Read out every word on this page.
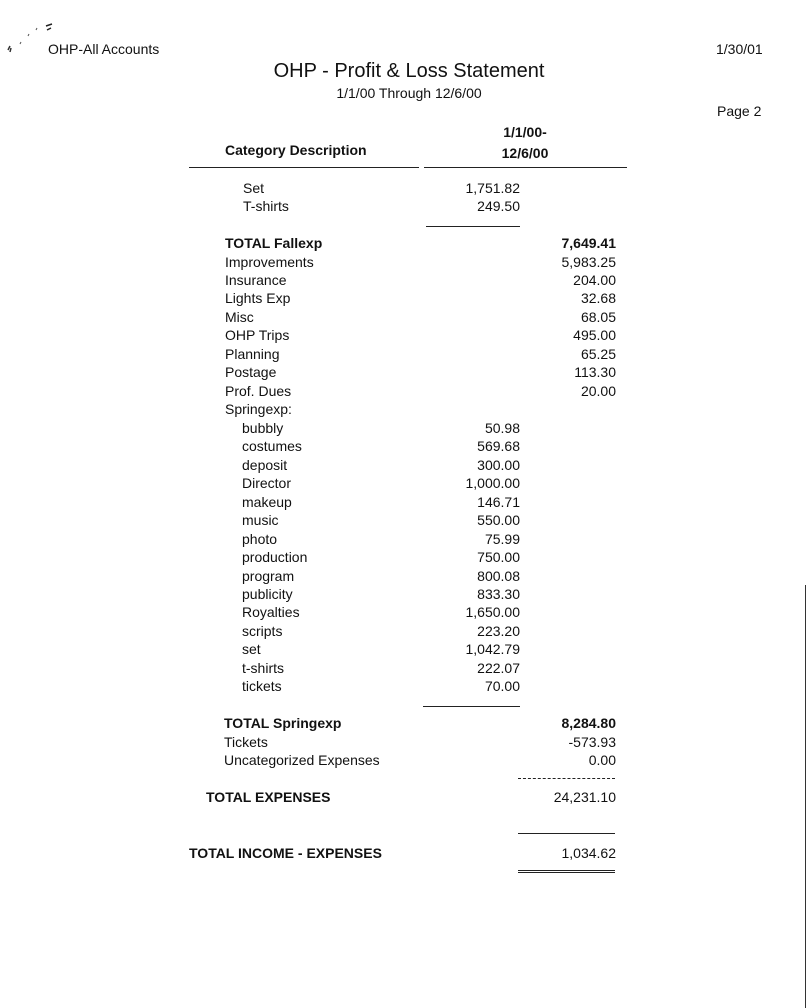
OHP-All Accounts	1/30/01
OHP - Profit & Loss Statement
1/1/00 Through 12/6/00
Page 2
Category Description
1/1/00-
12/6/00
Set	1,751.82
T-shirts	249.50
TOTAL Fallexp	7,649.41
Improvements	5,983.25
Insurance	204.00
Lights Exp	32.68
Misc	68.05
OHP Trips	495.00
Planning	65.25
Postage	113.30
Prof. Dues	20.00
Springexp:
bubbly	50.98
costumes	569.68
deposit	300.00
Director	1,000.00
makeup	146.71
music	550.00
photo	75.99
production	750.00
program	800.08
publicity	833.30
Royalties	1,650.00
scripts	223.20
set	1,042.79
t-shirts	222.07
tickets	70.00
TOTAL Springexp	8,284.80
Tickets	-573.93
Uncategorized Expenses	0.00
TOTAL EXPENSES	24,231.10
TOTAL INCOME - EXPENSES	1,034.62
